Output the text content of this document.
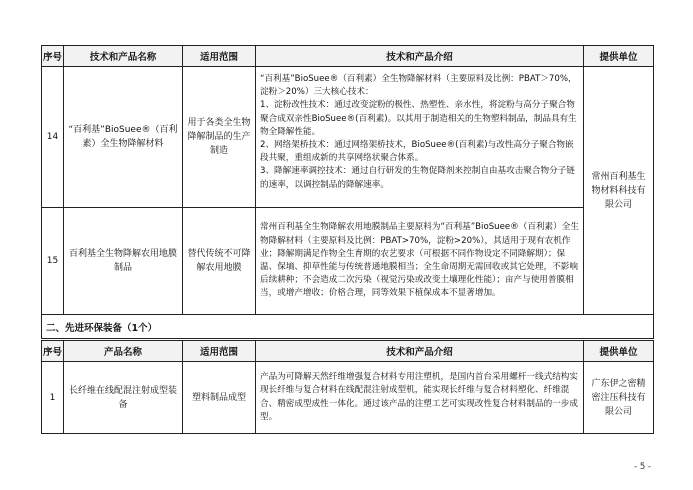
序号	技术和产品名称	适用范围	技术和产品介绍	提供单位
14	“百利基”BioSuee®（百利素）全生物降解材料	用于各类全生物降解制品的生产制造	“百利基”BioSuee®（百利素）全生物降解材料（主要原料及比例：PBAT＞70%，淀粉＞20%）三大核心技术：
1、淀粉改性技术：通过改变淀粉的极性、热塑性、亲水性，将淀粉与高分子聚合物聚合成双亲性BioSuee®(百利素)。以其用于制造相关的生物塑料制品，制品具有生物全降解性能。
2、网络架桥技术：通过网络架桥技术，BioSuee®(百利素)与改性高分子聚合物嵌段共聚，重组成新的共享网络状聚合体系。
3、降解速率调控技术：通过自行研发的生物促降剂来控制自由基攻击聚合物分子链的速率，以调控制品的降解速率。	常州百利基生物材料科技有限公司
15	百利基全生物降解农用地膜制品	替代传统不可降解农用地膜	常州百利基全生物降解农用地膜制品主要原料为“百利基”BioSuee®（百利素）全生物降解材料（主要原料及比例：PBAT>70%，淀粉>20%），其适用于现有农机作业；降解期满足作物全生育期的农艺要求（可根据不同作物设定不同降解期）；保温、保墒、抑草性能与传统普通地膜相当；全生命周期无需回收或其它处理，不影响后续耕种；不会造成二次污染（视觉污染或改变土壤理化性能）；亩产与使用普膜相当，或增产增收；价格合理，同等效果下植保成本不显著增加。	

二、先进环保装备（1个）				
序号	产品名称	适用范围	技术和产品介绍	提供单位
1	长纤维在线配混注射成型装备	塑料制品成型	产品为可降解天然纤维增强复合材料专用注塑机，是国内首台采用螺杆一线式结构实现长纤维与复合材料在线配混注射成型机，能实现长纤维与复合材料塑化、纤维混合、精密成型成性一体化。通过该产品的注塑工艺可实现改性复合材料制品的一步成型。	广东伊之密精密注压科技有限公司
- 5 -
